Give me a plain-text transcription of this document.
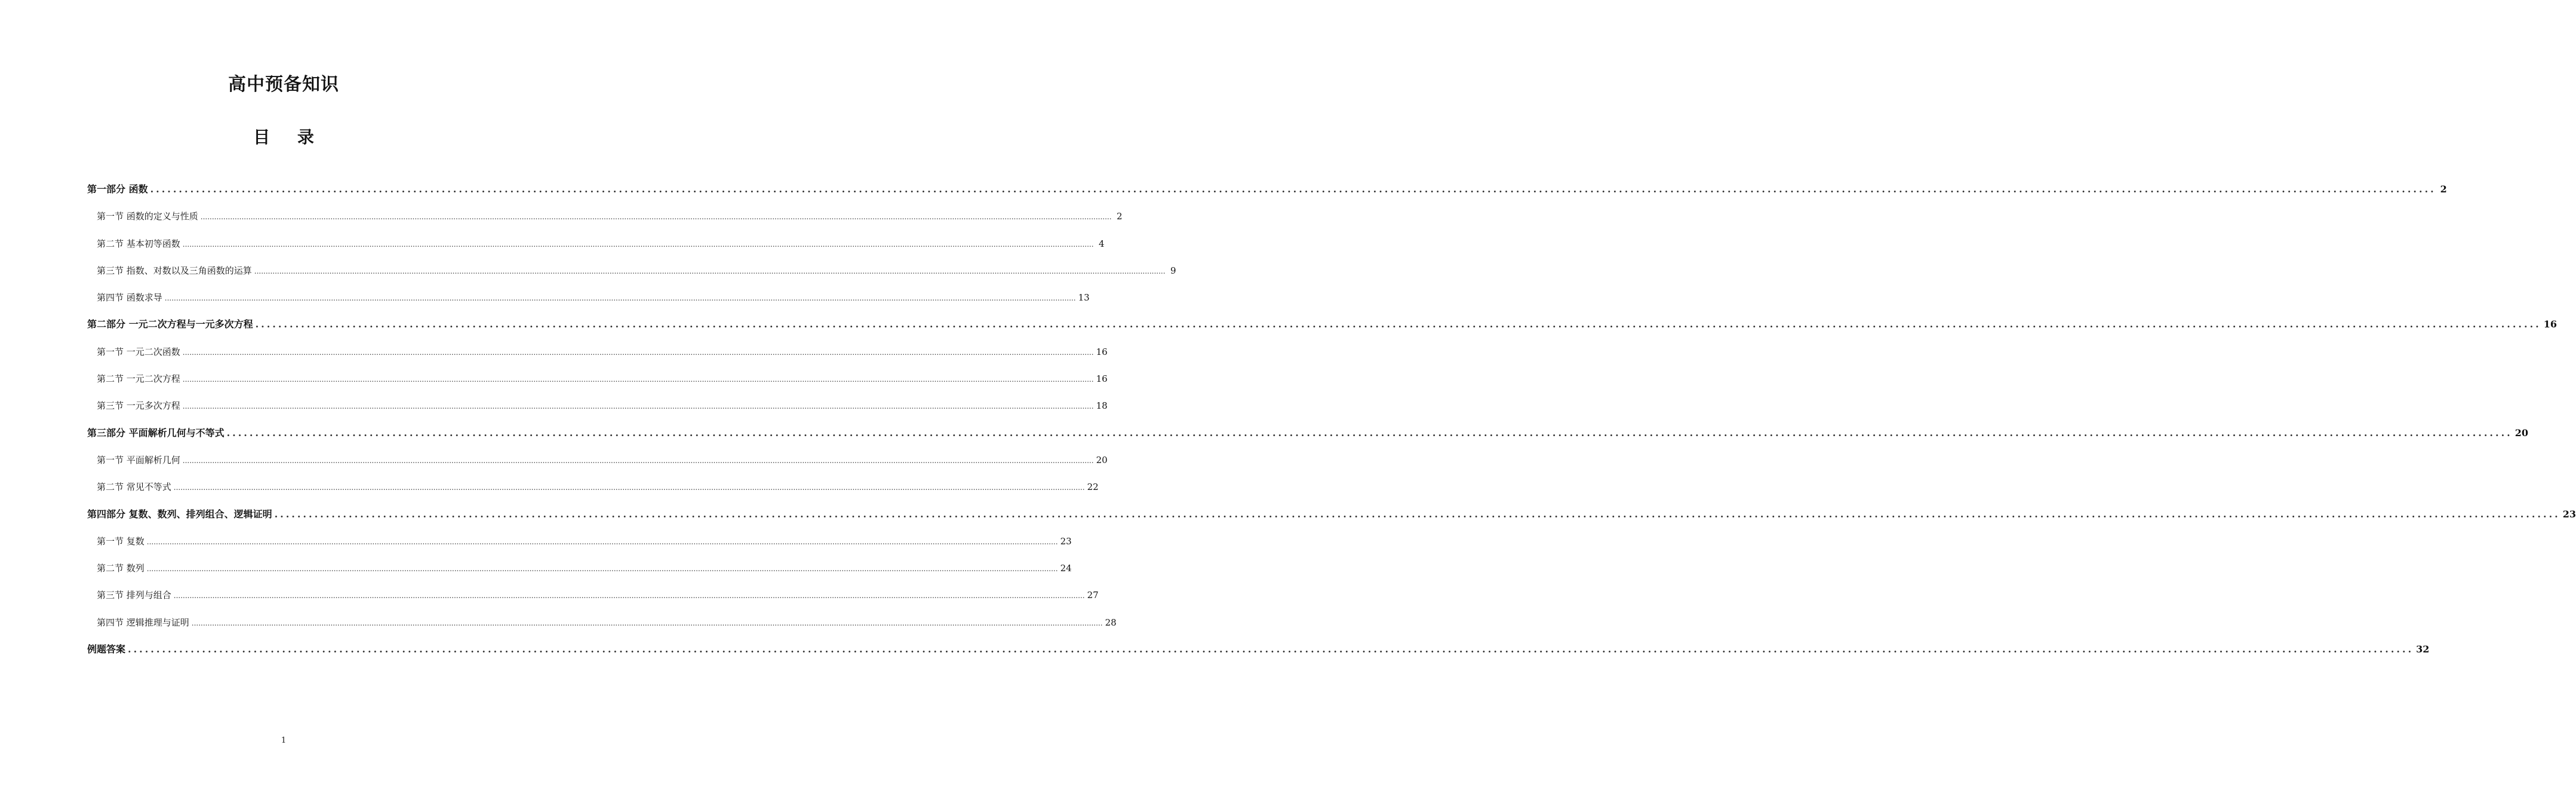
高中预备知识
目 录
第一部分 函数 ................................................................................................................................................................................................................................................................................................................................................................................................................ 2
第一节 函数的定义与性质 ................................................................................................................................................................................................................................................................................................................................................................................................................ 2
第二节 基本初等函数 ................................................................................................................................................................................................................................................................................................................................................................................................................ 4
第三节 指数、对数以及三角函数的运算 ................................................................................................................................................................................................................................................................................................................................................................................................................ 9
第四节 函数求导 ................................................................................................................................................................................................................................................................................................................................................................................................................ 13
第二部分 一元二次方程与一元多次方程 ................................................................................................................................................................................................................................................................................................................................................................................................................ 16
第一节 一元二次函数 ................................................................................................................................................................................................................................................................................................................................................................................................................ 16
第二节 一元二次方程 ................................................................................................................................................................................................................................................................................................................................................................................................................ 16
第三节 一元多次方程 ................................................................................................................................................................................................................................................................................................................................................................................................................ 18
第三部分 平面解析几何与不等式 ................................................................................................................................................................................................................................................................................................................................................................................................................ 20
第一节 平面解析几何 ................................................................................................................................................................................................................................................................................................................................................................................................................ 20
第二节 常见不等式 ................................................................................................................................................................................................................................................................................................................................................................................................................ 22
第四部分 复数、数列、排列组合、逻辑证明 ................................................................................................................................................................................................................................................................................................................................................................................................................ 23
第一节 复数 ................................................................................................................................................................................................................................................................................................................................................................................................................ 23
第二节 数列 ................................................................................................................................................................................................................................................................................................................................................................................................................ 24
第三节 排列与组合 ................................................................................................................................................................................................................................................................................................................................................................................................................ 27
第四节 逻辑推理与证明 ................................................................................................................................................................................................................................................................................................................................................................................................................ 28
例题答案 ................................................................................................................................................................................................................................................................................................................................................................................................................ 32

1
